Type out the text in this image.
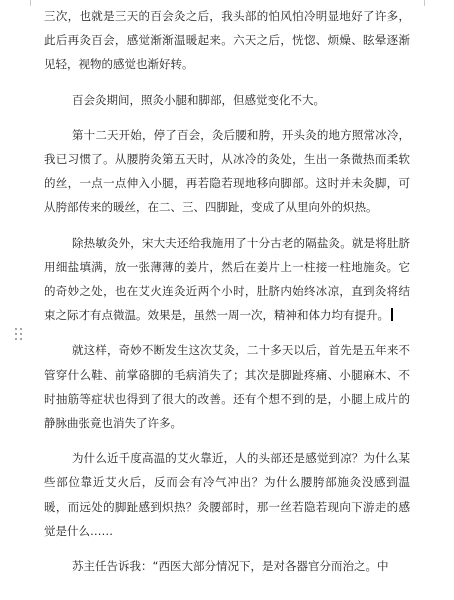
三次，也就是三天的百会灸之后，我头部的怕风怕冷明显地好了许多，此后再灸百会，感觉渐渐温暖起来。六天之后，恍惚、烦燥、眩晕逐渐见轻，视物的感觉也渐好转。

百会灸期间，照灸小腿和脚部，但感觉变化不大。

第十二天开始，停了百会，灸后腰和胯，开头灸的地方照常冰冷，我已习惯了。从腰胯灸第五天时，从冰冷的灸处，生出一条微热而柔软的丝，一点一点伸入小腿，再若隐若现地移向脚部。这时并未灸脚，可从胯部传来的暖丝，在二、三、四脚趾，变成了从里向外的炽热。

除热敏灸外，宋大夫还给我施用了十分古老的隔盐灸。就是将肚脐用细盐填满，放一张薄薄的姜片，然后在姜片上一柱接一柱地施灸。它的奇妙之处，也在艾火连灸近两个小时，肚脐内始终冰凉，直到灸将结束之际才有点微温。效果是，虽然一周一次，精神和体力均有提升。

就这样，奇妙不断发生这次艾灸，二十多天以后，首先是五年来不管穿什么鞋、前掌硌脚的毛病消失了；其次是脚趾疼痛、小腿麻木、不时抽筋等症状也得到了很大的改善。还有个想不到的是，小腿上成片的静脉曲张竟也消失了许多。

为什么近千度高温的艾火靠近，人的头部还是感觉到凉？为什么某些部位靠近艾火后，反而会有冷气冲出？为什么腰胯部施灸没感到温暖，而远处的脚趾感到炽热？灸腰部时，那一丝若隐若现向下游走的感觉是什么……

苏主任告诉我：“西医大部分情况下，是对各器官分而治之。中
